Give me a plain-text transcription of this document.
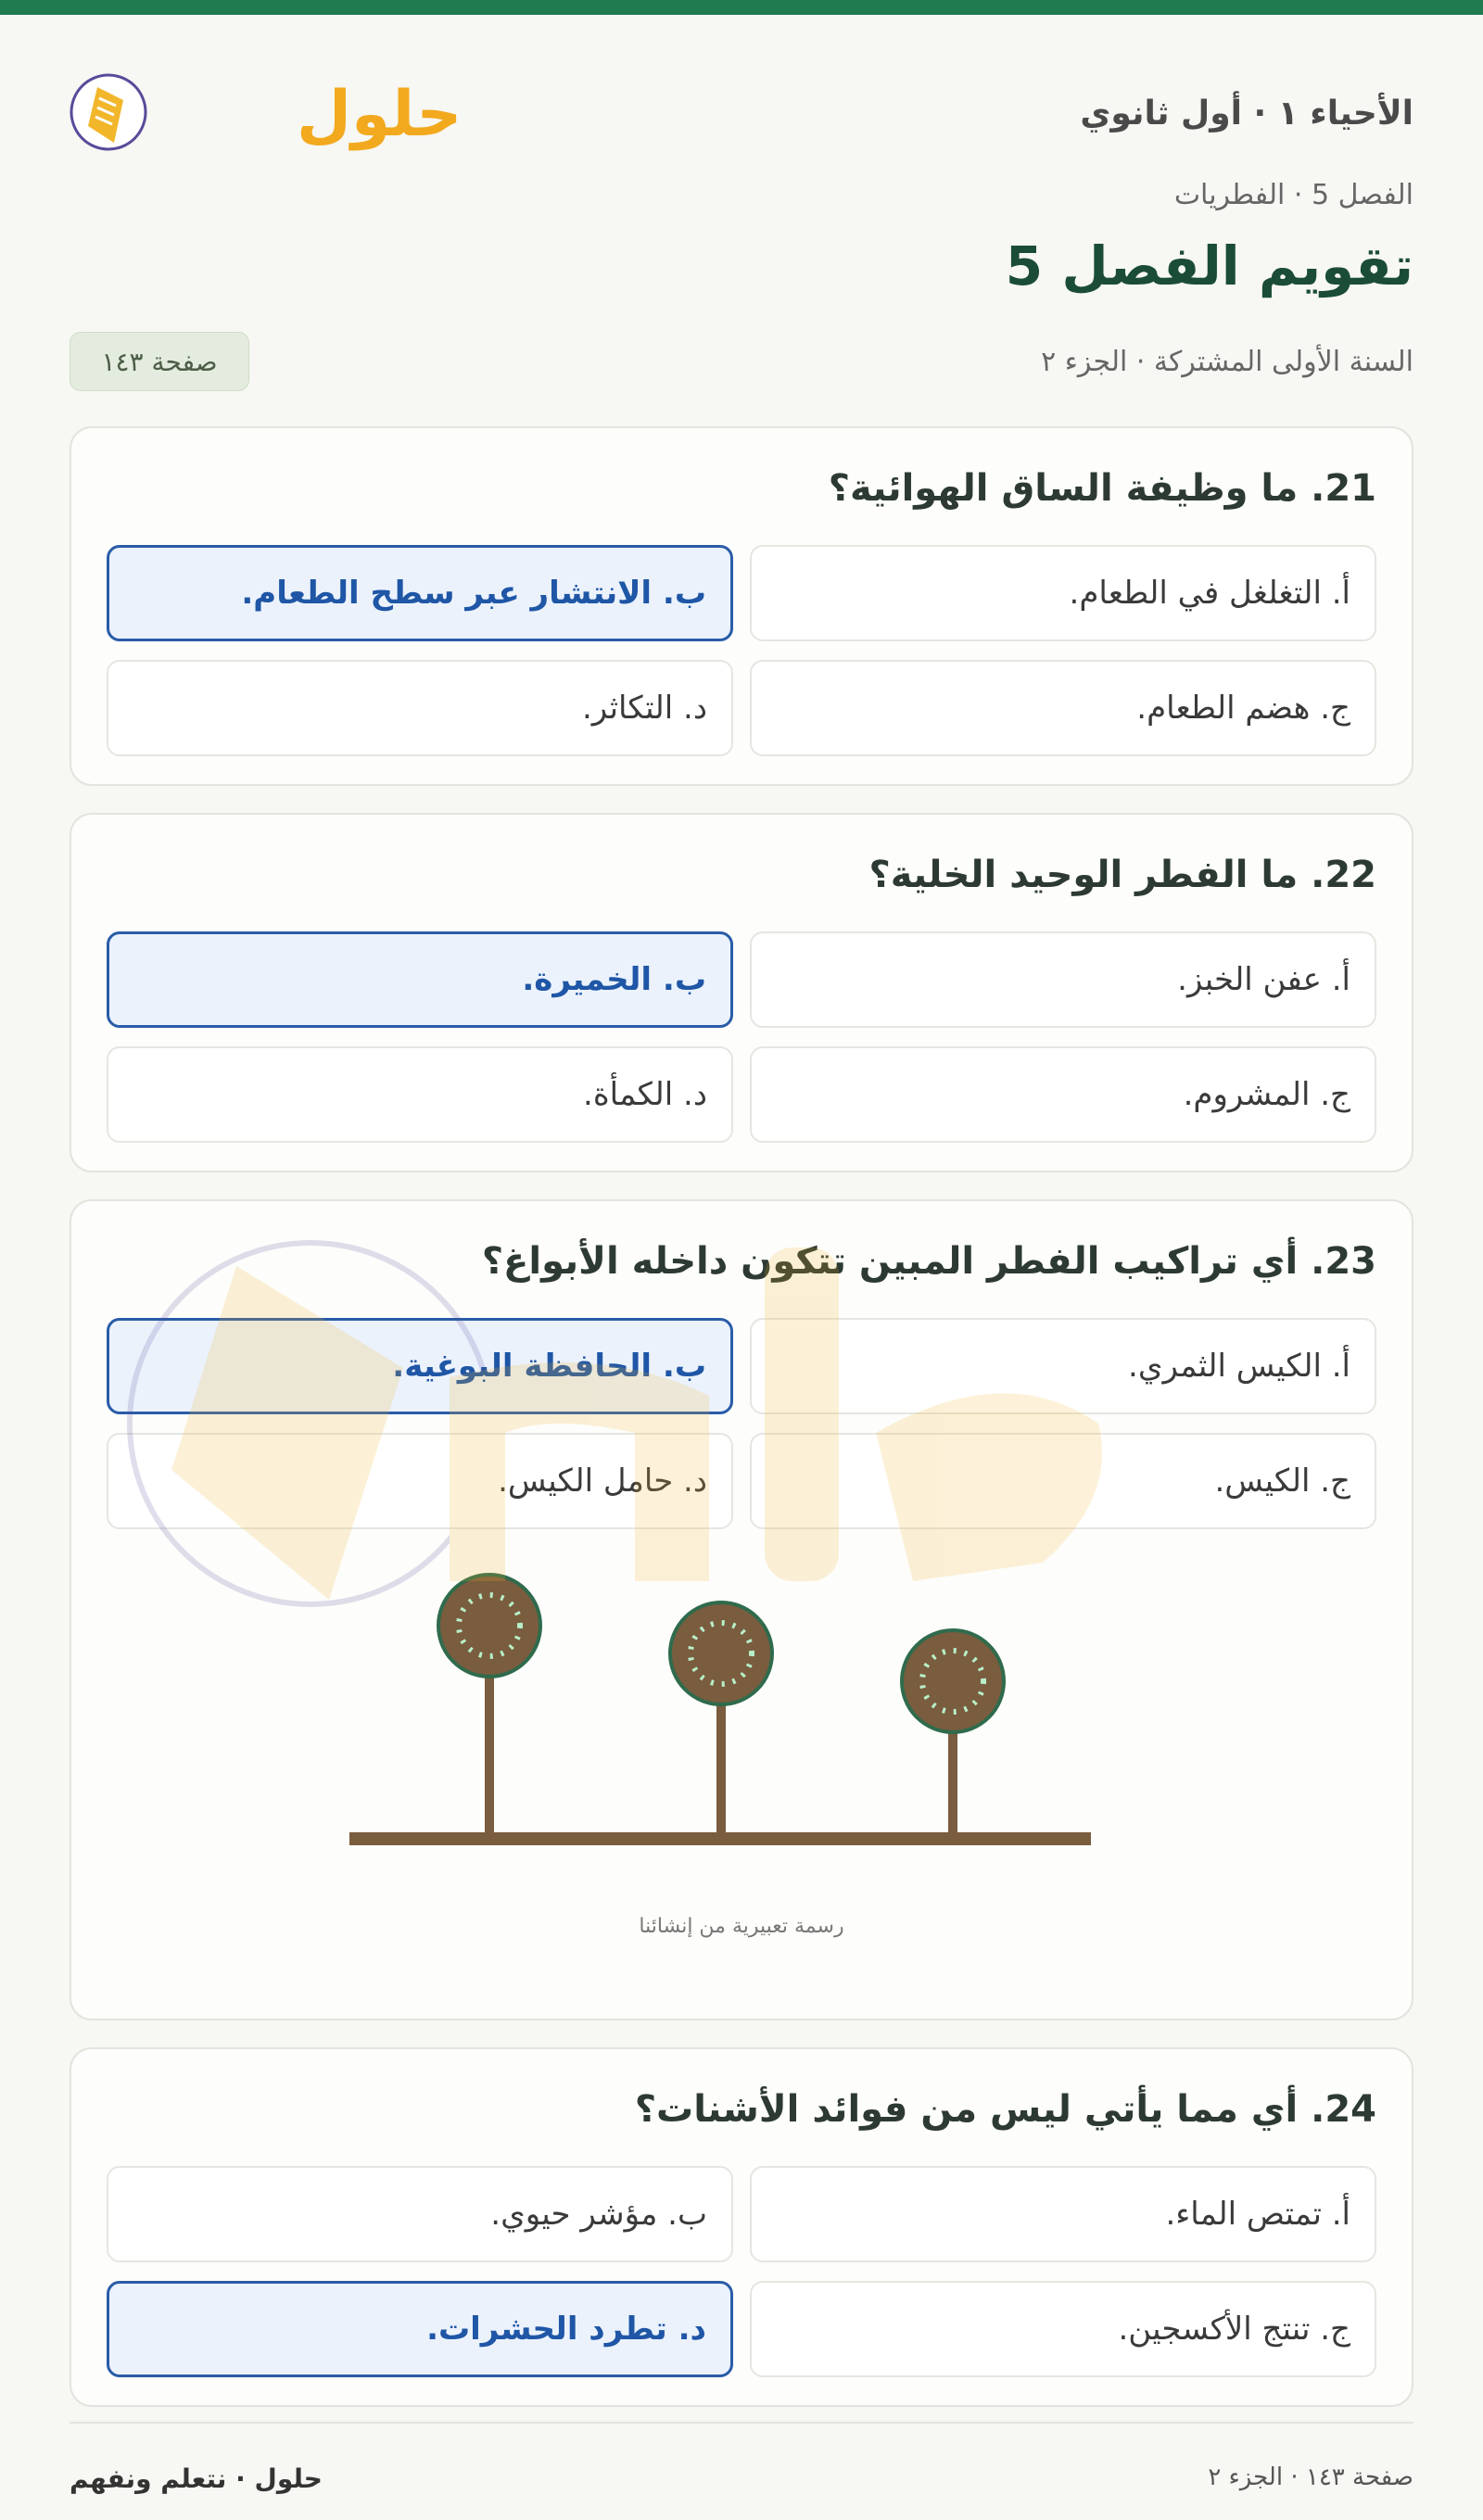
الأحياء ١ · أول ثانوي
حلول
الفصل 5 · الفطريات
تقويم الفصل 5
السنة الأولى المشتركة · الجزء ٢
صفحة ١٤٣
21. ما وظيفة الساق الهوائية؟
أ. التغلغل في الطعام.
ب. الانتشار عبر سطح الطعام.
ج. هضم الطعام.
د. التكاثر.
22. ما الفطر الوحيد الخلية؟
أ. عفن الخبز.
ب. الخميرة.
ج. المشروم.
د. الكمأة.
23. أي تراكيب الفطر المبين تتكون داخله الأبواغ؟
أ. الكيس الثمري.
ب. الحافظة البوغية.
ج. الكيس.
د. حامل الكيس.
رسمة تعبيرية من إنشائنا
24. أي مما يأتي ليس من فوائد الأشنات؟
أ. تمتص الماء.
ب. مؤشر حيوي.
ج. تنتج الأكسجين.
د. تطرد الحشرات.
صفحة ١٤٣ · الجزء ٢
حلول · نتعلم ونفهم
